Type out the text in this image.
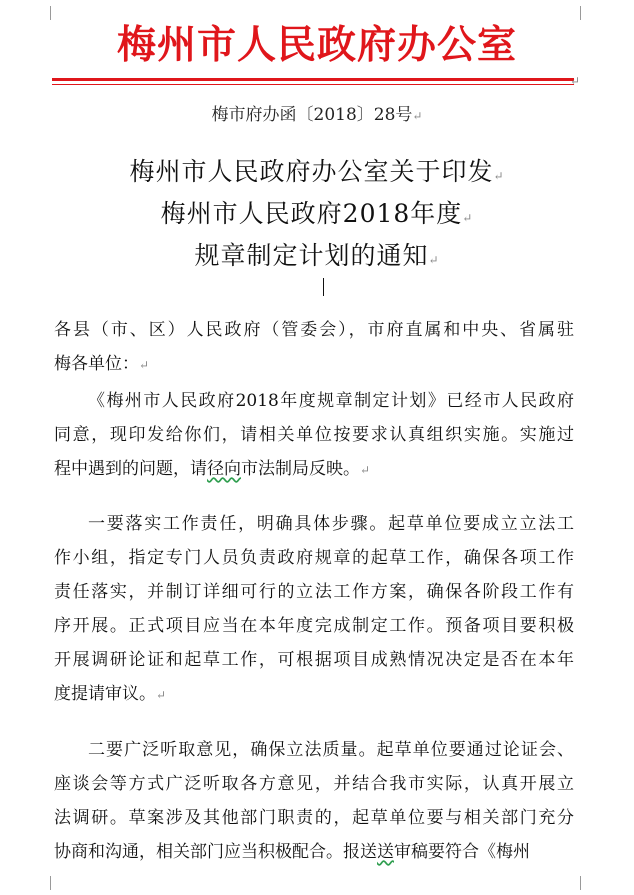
梅州市人民政府办公室
↵
梅市府办函〔2018〕28号↵
梅州市人民政府办公室关于印发↵
梅州市人民政府2018年度↵
规章制定计划的通知↵
各县（市、区）人民政府（管委会），市府直属和中央、省属驻
梅各单位：↵
《梅州市人民政府2018年度规章制定计划》已经市人民政府
同意，现印发给你们，请相关单位按要求认真组织实施。实施过
程中遇到的问题，请径向市法制局反映。↵
一要落实工作责任，明确具体步骤。起草单位要成立立法工
作小组，指定专门人员负责政府规章的起草工作，确保各项工作
责任落实，并制订详细可行的立法工作方案，确保各阶段工作有
序开展。正式项目应当在本年度完成制定工作。预备项目要积极
开展调研论证和起草工作，可根据项目成熟情况决定是否在本年
度提请审议。↵
二要广泛听取意见，确保立法质量。起草单位要通过论证会、
座谈会等方式广泛听取各方意见，并结合我市实际，认真开展立
法调研。草案涉及其他部门职责的，起草单位要与相关部门充分
协商和沟通，相关部门应当积极配合。报送送审稿要符合《梅州
